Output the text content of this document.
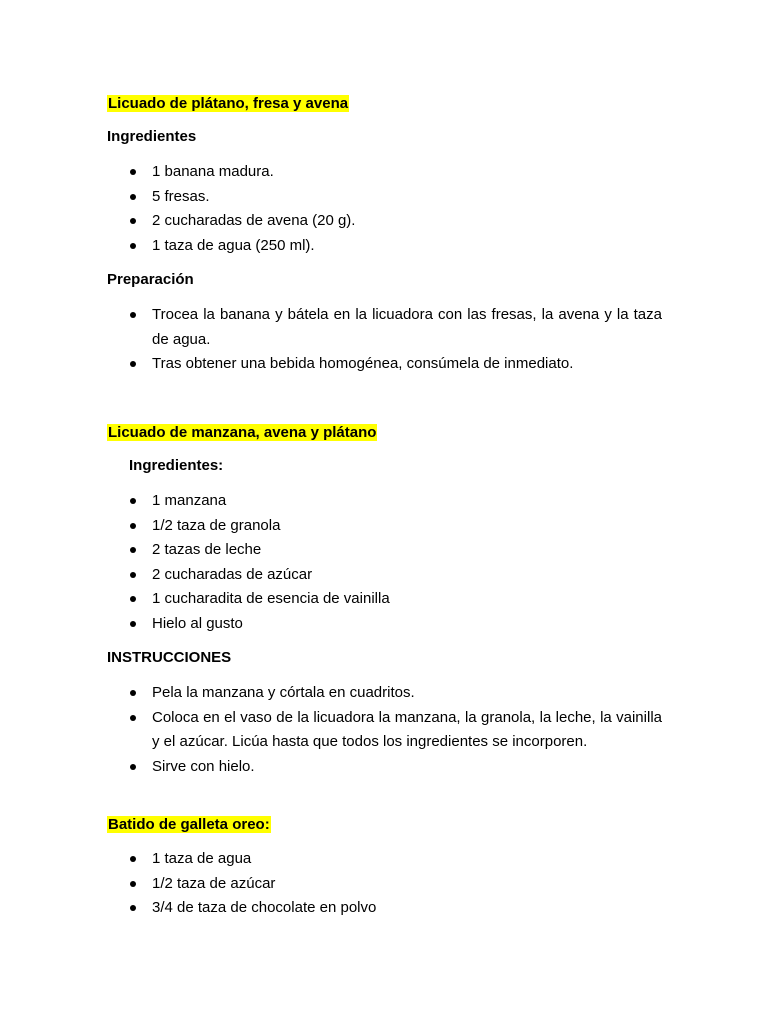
Licuado de plátano, fresa y avena
Ingredientes
1 banana madura.
5 fresas.
2 cucharadas de avena (20 g).
1 taza de agua (250 ml).
Preparación
Trocea la banana y bátela en la licuadora con las fresas, la avena y la taza de agua.
Tras obtener una bebida homogénea, consúmela de inmediato.
Licuado de manzana, avena y plátano
Ingredientes:
1 manzana
1/2 taza de granola
2 tazas de leche
2 cucharadas de azúcar
1 cucharadita de esencia de vainilla
Hielo al gusto
INSTRUCCIONES
Pela la manzana y córtala en cuadritos.
Coloca en el vaso de la licuadora la manzana, la granola, la leche, la vainilla y el azúcar. Licúa hasta que todos los ingredientes se incorporen.
Sirve con hielo.
Batido de galleta oreo:
1 taza de agua
1/2 taza de azúcar
3/4 de taza de chocolate en polvo
